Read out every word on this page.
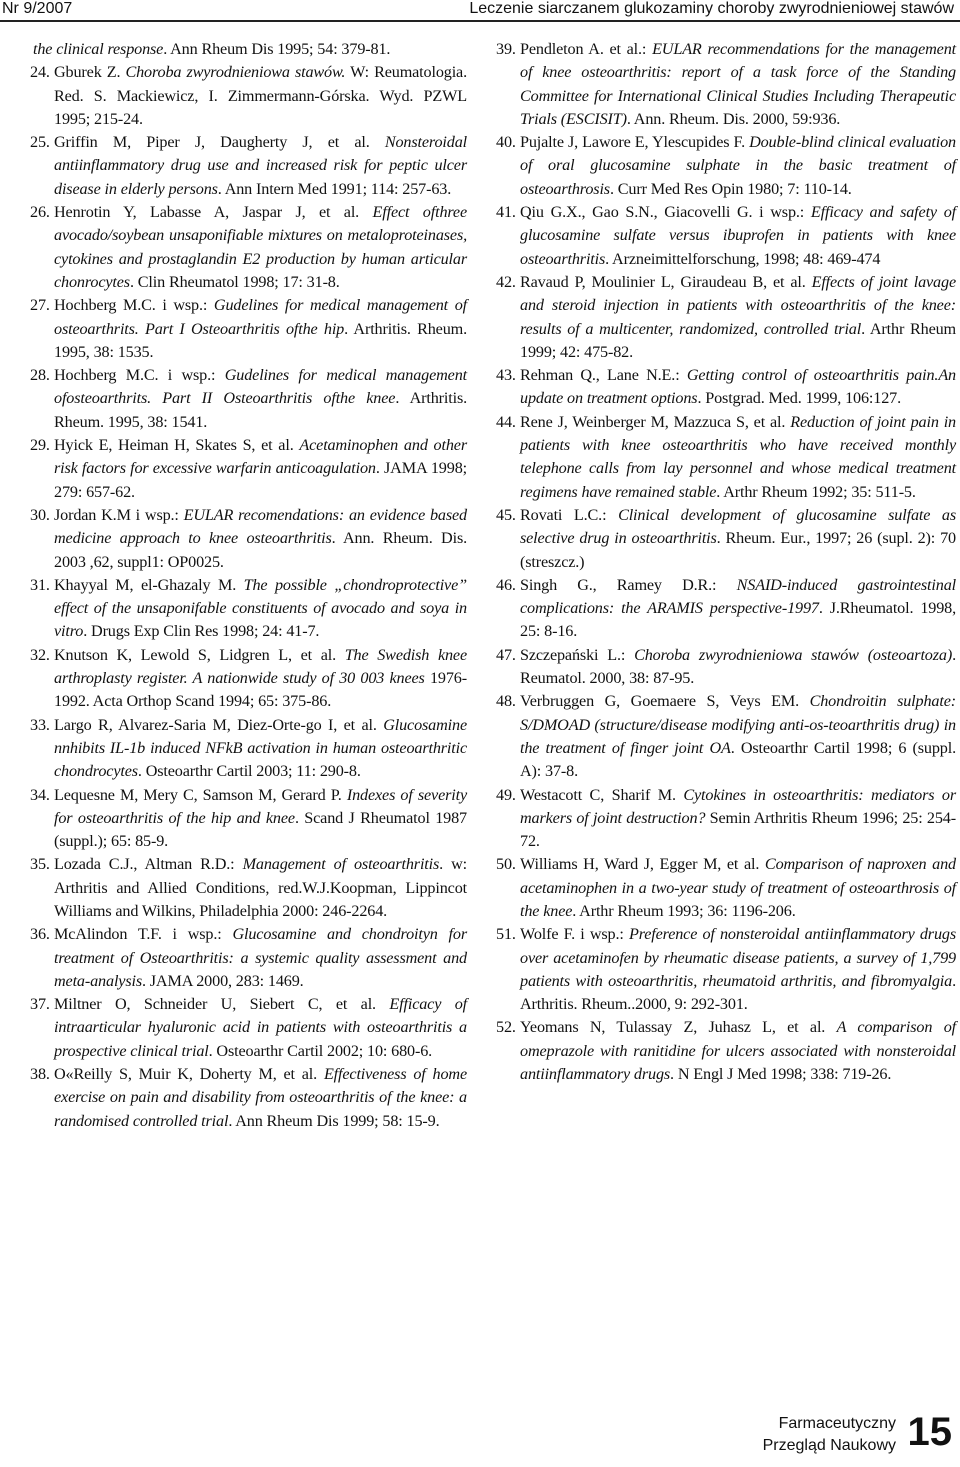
Nr 9/2007	Leczenie siarczanem glukozaminy choroby zwyrodnieniowej stawów
the clinical response. Ann Rheum Dis 1995; 54: 379-81.
24. Gburek Z. Choroba zwyrodnieniowa stawów. W: Reumatologia. Red. S. Mackiewicz, I. Zimmermann-Górska. Wyd. PZWL 1995; 215-24.
25. Griffin M, Piper J, Daugherty J, et al. Nonsteroidal antiinflammatory drug use and increased risk for peptic ulcer disease in elderly persons. Ann Intern Med 1991; 114: 257-63.
26. Henrotin Y, Labasse A, Jaspar J, et al. Effect ofthree avocado/soybean unsaponifiable mixtures on metaloproteinases, cytokines and prostaglandin E2 production by human articular chonrocytes. Clin Rheumatol 1998; 17: 31-8.
27. Hochberg M.C. i wsp.: Gudelines for medical management of osteoarthrits. Part I Osteoarthritis ofthe hip. Arthritis. Rheum. 1995, 38: 1535.
28. Hochberg M.C. i wsp.: Gudelines for medical management ofosteoarthrits. Part II Osteoarthritis ofthe knee. Arthritis. Rheum. 1995, 38: 1541.
29. Hyick E, Heiman H, Skates S, et al. Acetaminophen and other risk factors for excessive warfarin anticoagulation. JAMA 1998; 279: 657-62.
30. Jordan K.M i wsp.: EULAR recomendations: an evidence based medicine approach to knee osteoarthritis. Ann. Rheum. Dis. 2003 ,62, suppl1: OP0025.
31. Khayyal M, el-Ghazaly M. The possible „chondroprotective” effect of the unsaponifable constituents of avocado and soya in vitro. Drugs Exp Clin Res 1998; 24: 41-7.
32. Knutson K, Lewold S, Lidgren L, et al. The Swedish knee arthroplasty register. A nationwide study of 30 003 knees 1976-1992. Acta Orthop Scand 1994; 65: 375-86.
33. Largo R, Alvarez-Saria M, Diez-Orte-go I, et al. Glucosamine nnhibits IL-1b induced NFkB activation in human osteoarthritic chondrocytes. Osteoarthr Cartil 2003; 11: 290-8.
34. Lequesne M, Mery C, Samson M, Gerard P. Indexes of severity for osteoarthritis of the hip and knee. Scand J Rheumatol 1987 (suppl.); 65: 85-9.
35. Lozada C.J., Altman R.D.: Management of osteoarthritis. w: Arthritis and Allied Conditions, red.W.J.Koopman, Lippincot Williams and Wilkins, Philadelphia 2000: 246-2264.
36. McAlindon T.F. i wsp.: Glucosamine and chondroityn for treatment of Osteoarthritis: a systemic quality assessment and meta-analysis. JAMA 2000, 283: 1469.
37. Miltner O, Schneider U, Siebert C, et al. Efficacy of intraarticular hyaluronic acid in patients with osteoarthritis a prospective clinical trial. Osteoarthr Cartil 2002; 10: 680-6.
38. O«Reilly S, Muir K, Doherty M, et al. Effectiveness of home exercise on pain and disability from osteoarthritis of the knee: a randomised controlled trial. Ann Rheum Dis 1999; 58: 15-9.
39. Pendleton A. et al.: EULAR recommendations for the management of knee osteoarthritis: report of a task force of the Standing Committee for International Clinical Studies Including Therapeutic Trials (ESCISIT). Ann. Rheum. Dis. 2000, 59:936.
40. Pujalte J, Lawore E, Ylescupides F. Double-blind clinical evaluation of oral glucosamine sulphate in the basic treatment of osteoarthrosis. Curr Med Res Opin 1980; 7: 110-14.
41. Qiu G.X., Gao S.N., Giacovelli G. i wsp.: Efficacy and safety of glucosamine sulfate versus ibuprofen in patients with knee osteoarthritis. Arzneimittelforschung, 1998; 48: 469-474
42. Ravaud P, Moulinier L, Giraudeau B, et al. Effects of joint lavage and steroid injection in patients with osteoarthritis of the knee: results of a multicenter, randomized, controlled trial. Arthr Rheum 1999; 42: 475-82.
43. Rehman Q., Lane N.E.: Getting control of osteoarthritis pain.An update on treatment options. Postgrad. Med. 1999, 106:127.
44. Rene J, Weinberger M, Mazzuca S, et al. Reduction of joint pain in patients with knee osteoarthritis who have received monthly telephone calls from lay personnel and whose medical treatment regimens have remained stable. Arthr Rheum 1992; 35: 511-5.
45. Rovati L.C.: Clinical development of glucosamine sulfate as selective drug in osteoarthritis. Rheum. Eur., 1997; 26 (supl. 2): 70 (streszcz.)
46. Singh G., Ramey D.R.: NSAID-induced gastrointestinal complications: the ARAMIS perspective-1997. J.Rheumatol. 1998, 25: 8-16.
47. Szczepański L.: Choroba zwyrodnieniowa stawów (osteoartoza). Reumatol. 2000, 38: 87-95.
48. Verbruggen G, Goemaere S, Veys EM. Chondroitin sulphate: S/DMOAD (structure/disease modifying anti-os-teoarthritis drug) in the treatment of finger joint OA. Osteoarthr Cartil 1998; 6 (suppl. A): 37-8.
49. Westacott C, Sharif M. Cytokines in osteoarthritis: mediators or markers of joint destruction? Semin Arthritis Rheum 1996; 25: 254-72.
50. Williams H, Ward J, Egger M, et al. Comparison of naproxen and acetaminophen in a two-year study of treatment of osteoarthrosis of the knee. Arthr Rheum 1993; 36: 1196-206.
51. Wolfe F. i wsp.: Preference of nonsteroidal antiinflammatory drugs over acetaminofen by rheumatic disease patients, a survey of 1,799 patients with osteoarthritis, rheumatoid arthritis, and fibromyalgia. Arthritis. Rheum..2000, 9: 292-301.
52. Yeomans N, Tulassay Z, Juhasz L, et al. A comparison of omeprazole with ranitidine for ulcers associated with nonsteroidal antiinflammatory drugs. N Engl J Med 1998; 338: 719-26.
Farmaceutyczny
Przegląd Naukowy 15
